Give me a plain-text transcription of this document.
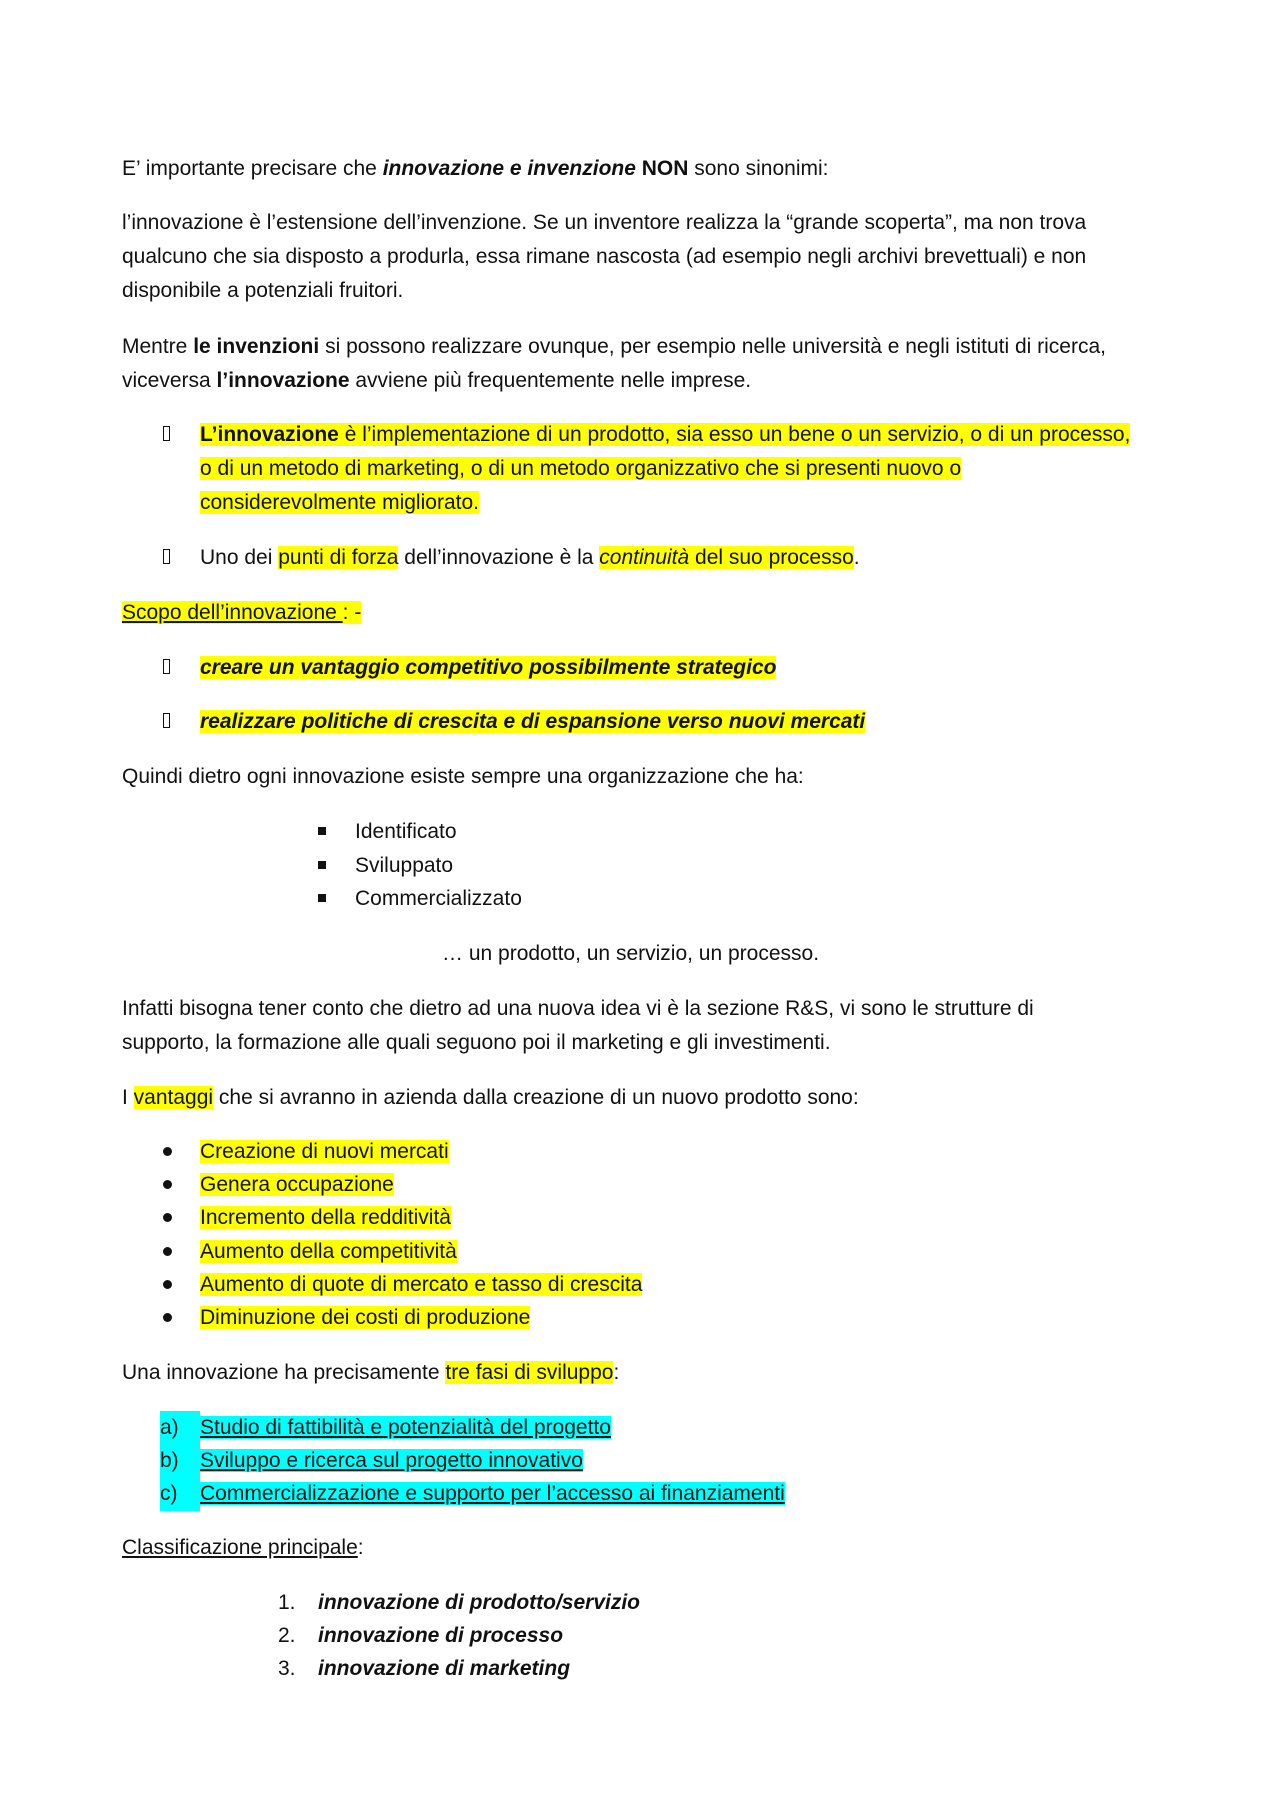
E’ importante precisare che innovazione e invenzione NON sono sinonimi:

l’innovazione è l’estensione dell’invenzione. Se un inventore realizza la “grande scoperta”, ma non trova
qualcuno che sia disposto a produrla, essa rimane nascosta (ad esempio negli archivi brevettuali) e non
disponibile a potenziali fruitori.
Mentre le invenzioni si possono realizzare ovunque, per esempio nelle università e negli istituti di ricerca,
viceversa l’innovazione avviene più frequentemente nelle imprese.
L’innovazione è l’implementazione di un prodotto, sia esso un bene o un servizio, o di un processo,
o di un metodo di marketing, o di un metodo organizzativo che si presenti nuovo o
considerevolmente migliorato.
Uno dei punti di forza dell’innovazione è la continuità del suo processo.
Scopo dell’innovazione : -
creare un vantaggio competitivo possibilmente strategico
realizzare politiche di crescita e di espansione verso nuovi mercati
Quindi dietro ogni innovazione esiste sempre una organizzazione che ha:
Identificato
Sviluppato
Commercializzato
… un prodotto, un servizio, un processo.
Infatti bisogna tener conto che dietro ad una nuova idea vi è la sezione R&S, vi sono le strutture di
supporto, la formazione alle quali seguono poi il marketing e gli investimenti.
I vantaggi che si avranno in azienda dalla creazione di un nuovo prodotto sono:
Creazione di nuovi mercati
Genera occupazione
Incremento della redditività
Aumento della competitività
Aumento di quote di mercato e tasso di crescita
Diminuzione dei costi di produzione
Una innovazione ha precisamente tre fasi di sviluppo:
a) Studio di fattibilità e potenzialità del progetto
b) Sviluppo e ricerca sul progetto innovativo
c) Commercializzazione e supporto per l’accesso ai finanziamenti
Classificazione principale:
1. innovazione di prodotto/servizio
2. innovazione di processo
3. innovazione di marketing
